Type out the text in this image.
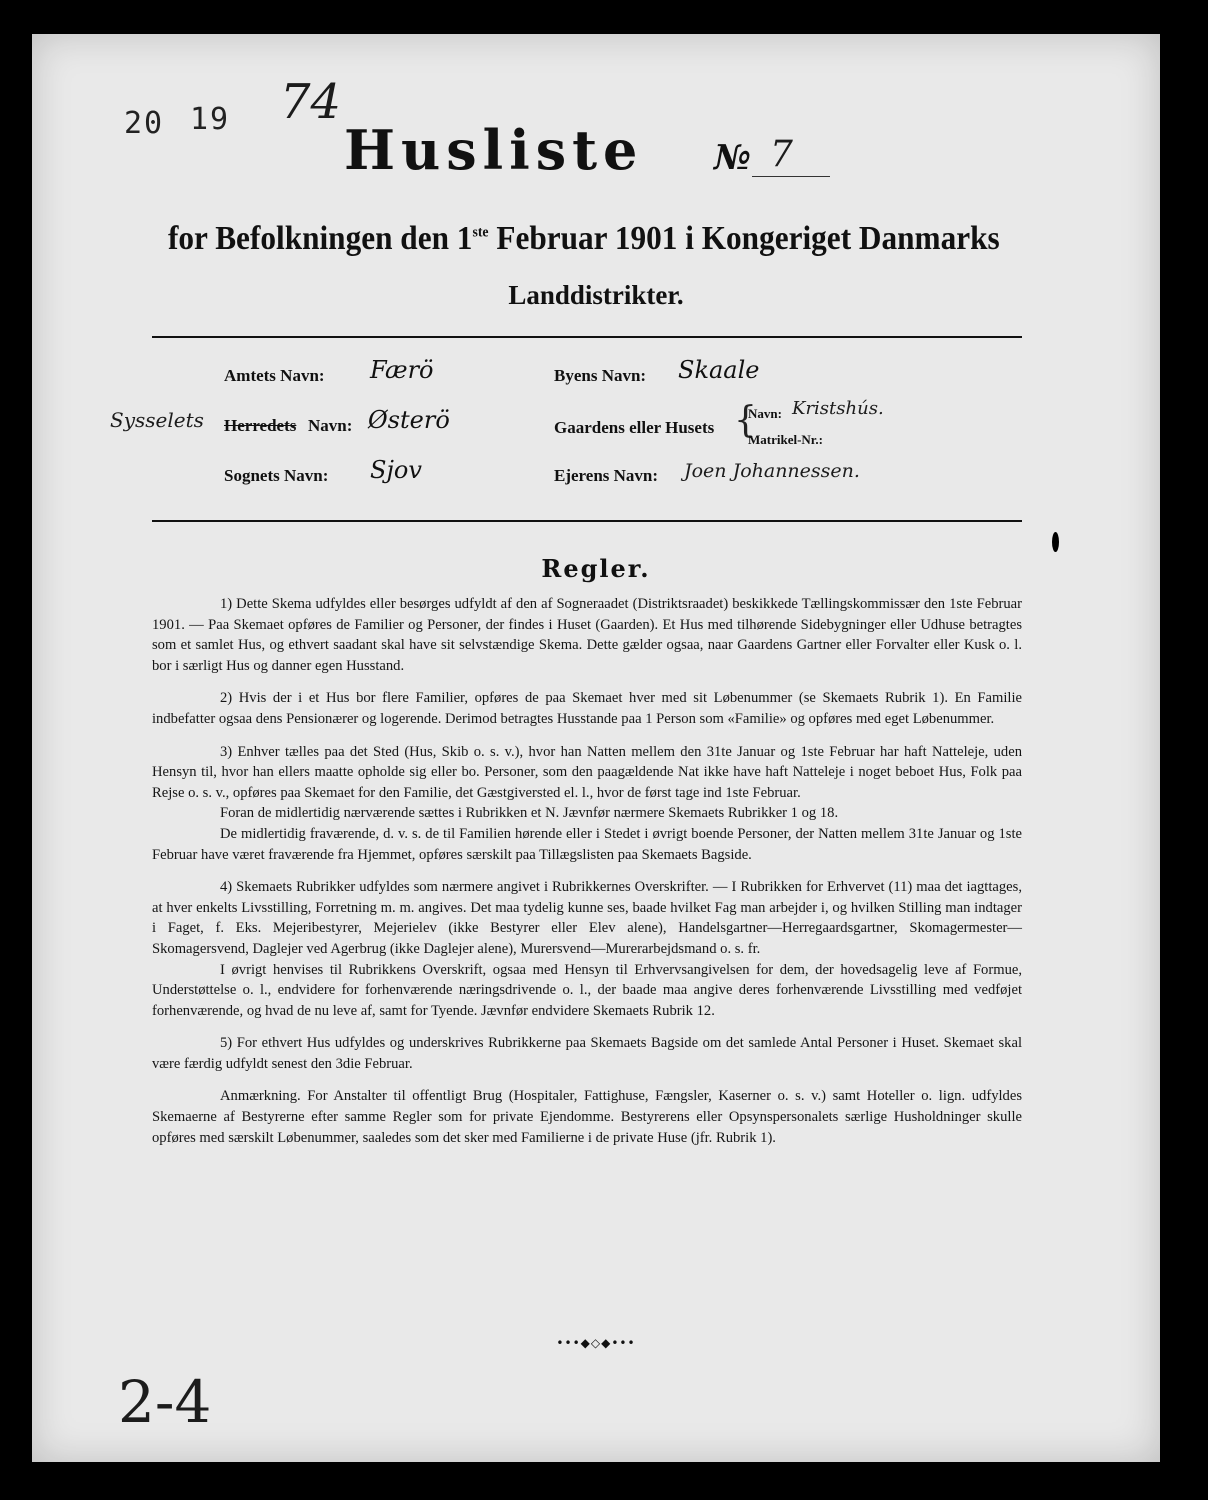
20 19 74
Husliste № 7
for Befolkningen den 1ste Februar 1901 i Kongeriget Danmarks
Landdistrikter.
Amtets Navn: Færö	Byens Navn: Skaale
Sysselets Herredets Navn: Østerö	Gaardens eller Husets {
Navn: Kristshús.
Matrikel-Nr.:
Sognets Navn: Sjov	Ejerens Navn: Joen Johannessen.
Regler.

1) Dette Skema udfyldes eller besørges udfyldt af den af Sogneraadet (Distriktsraadet) beskikkede Tællingskommissær den 1ste Februar 1901. — Paa Skemaet opføres de Familier og Personer, der findes i Huset (Gaarden). Et Hus med tilhørende Sidebygninger eller Udhuse betragtes som et samlet Hus, og ethvert saadant skal have sit selvstændige Skema. Dette gælder ogsaa, naar Gaardens Gartner eller Forvalter eller Kusk o. l. bor i særligt Hus og danner egen Husstand.

2) Hvis der i et Hus bor flere Familier, opføres de paa Skemaet hver med sit Løbenummer (se Skemaets Rubrik 1). En Familie indbefatter ogsaa dens Pensionærer og logerende. Derimod betragtes Husstande paa 1 Person som «Familie» og opføres med eget Løbenummer.

3) Enhver tælles paa det Sted (Hus, Skib o. s. v.), hvor han Natten mellem den 31te Januar og 1ste Februar har haft Natteleje, uden Hensyn til, hvor han ellers maatte opholde sig eller bo. Personer, som den paagældende Nat ikke have haft Natteleje i noget beboet Hus, Folk paa Rejse o. s. v., opføres paa Skemaet for den Familie, det Gæstgiversted el. l., hvor de først tage ind 1ste Februar.

Foran de midlertidig nærværende sættes i Rubrikken et N. Jævnfør nærmere Skemaets Rubrikker 1 og 18.

De midlertidig fraværende, d. v. s. de til Familien hørende eller i Stedet i øvrigt boende Personer, der Natten mellem 31te Januar og 1ste Februar have været fraværende fra Hjemmet, opføres særskilt paa Tillægslisten paa Skemaets Bagside.

4) Skemaets Rubrikker udfyldes som nærmere angivet i Rubrikkernes Overskrifter. — I Rubrikken for Erhvervet (11) maa det iagttages, at hver enkelts Livsstilling, Forretning m. m. angives. Det maa tydelig kunne ses, baade hvilket Fag man arbejder i, og hvilken Stilling man indtager i Faget, f. Eks. Mejeribestyrer, Mejerielev (ikke Bestyrer eller Elev alene), Handelsgartner—Herregaardsgartner, Skomagermester—Skomagersvend, Daglejer ved Agerbrug (ikke Daglejer alene), Murersvend—Murerarbejdsmand o. s. fr.

I øvrigt henvises til Rubrikkens Overskrift, ogsaa med Hensyn til Erhvervsangivelsen for dem, der hovedsagelig leve af Formue, Understøttelse o. l., endvidere for forhenværende næringsdrivende o. l., der baade maa angive deres forhenværende Livsstilling med vedføjet forhenværende, og hvad de nu leve af, samt for Tyende. Jævnfør endvidere Skemaets Rubrik 12.

5) For ethvert Hus udfyldes og underskrives Rubrikkerne paa Skemaets Bagside om det samlede Antal Personer i Huset. Skemaet skal være færdig udfyldt senest den 3die Februar.

Anmærkning. For Anstalter til offentligt Brug (Hospitaler, Fattighuse, Fængsler, Kaserner o. s. v.) samt Hoteller o. lign. udfyldes Skemaerne af Bestyrerne efter samme Regler som for private Ejendomme. Bestyrerens eller Opsynspersonalets særlige Husholdninger skulle opføres med særskilt Løbenummer, saaledes som det sker med Familierne i de private Huse (jfr. Rubrik 1).

•••◆◇◆•••
2-4
